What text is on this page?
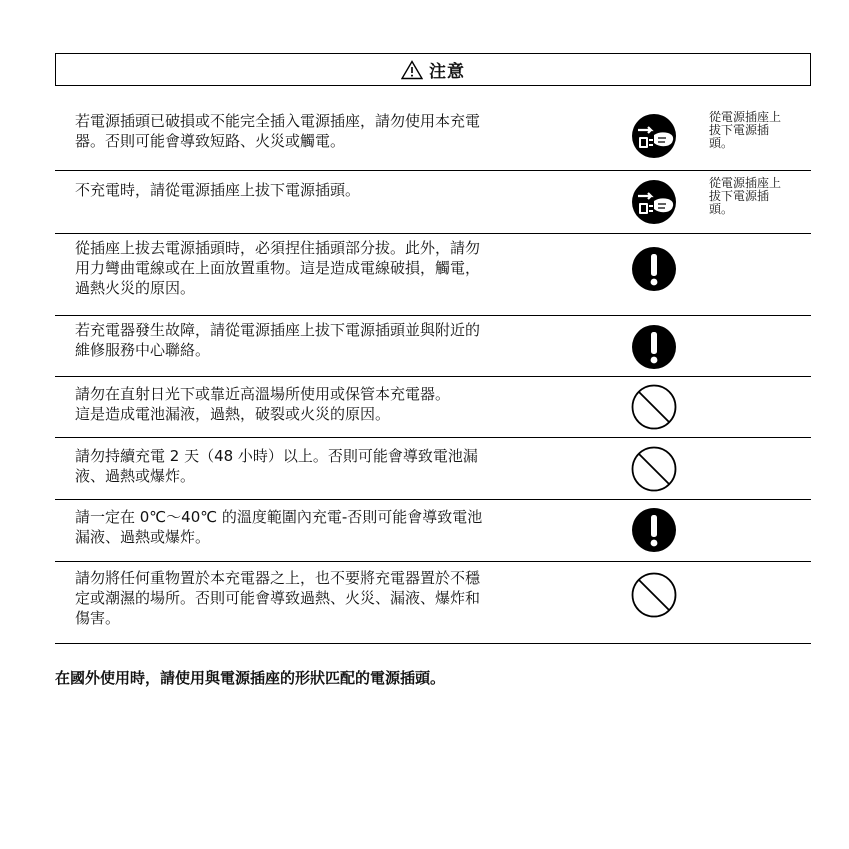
注意
若電源插頭已破損或不能完全插入電源插座，請勿使用本充電
器。否則可能會導致短路、火災或觸電。
從電源插座上
拔下電源插
頭。
不充電時，請從電源插座上拔下電源插頭。	從電源插座上
拔下電源插
頭。
從插座上拔去電源插頭時，必須捏住插頭部分拔。此外，請勿
用力彎曲電線或在上面放置重物。這是造成電線破損，觸電，
過熱火災的原因。
若充電器發生故障，請從電源插座上拔下電源插頭並與附近的
維修服務中心聯絡。
請勿在直射日光下或靠近高溫場所使用或保管本充電器。
這是造成電池漏液，過熱，破裂或火災的原因。
請勿持續充電 2 天（48 小時）以上。否則可能會導致電池漏
液、過熱或爆炸。
請一定在 0℃～40℃ 的溫度範圍內充電-否則可能會導致電池
漏液、過熱或爆炸。
請勿將任何重物置於本充電器之上，也不要將充電器置於不穩
定或潮濕的場所。否則可能會導致過熱、火災、漏液、爆炸和
傷害。
在國外使用時，請使用與電源插座的形狀匹配的電源插頭。
